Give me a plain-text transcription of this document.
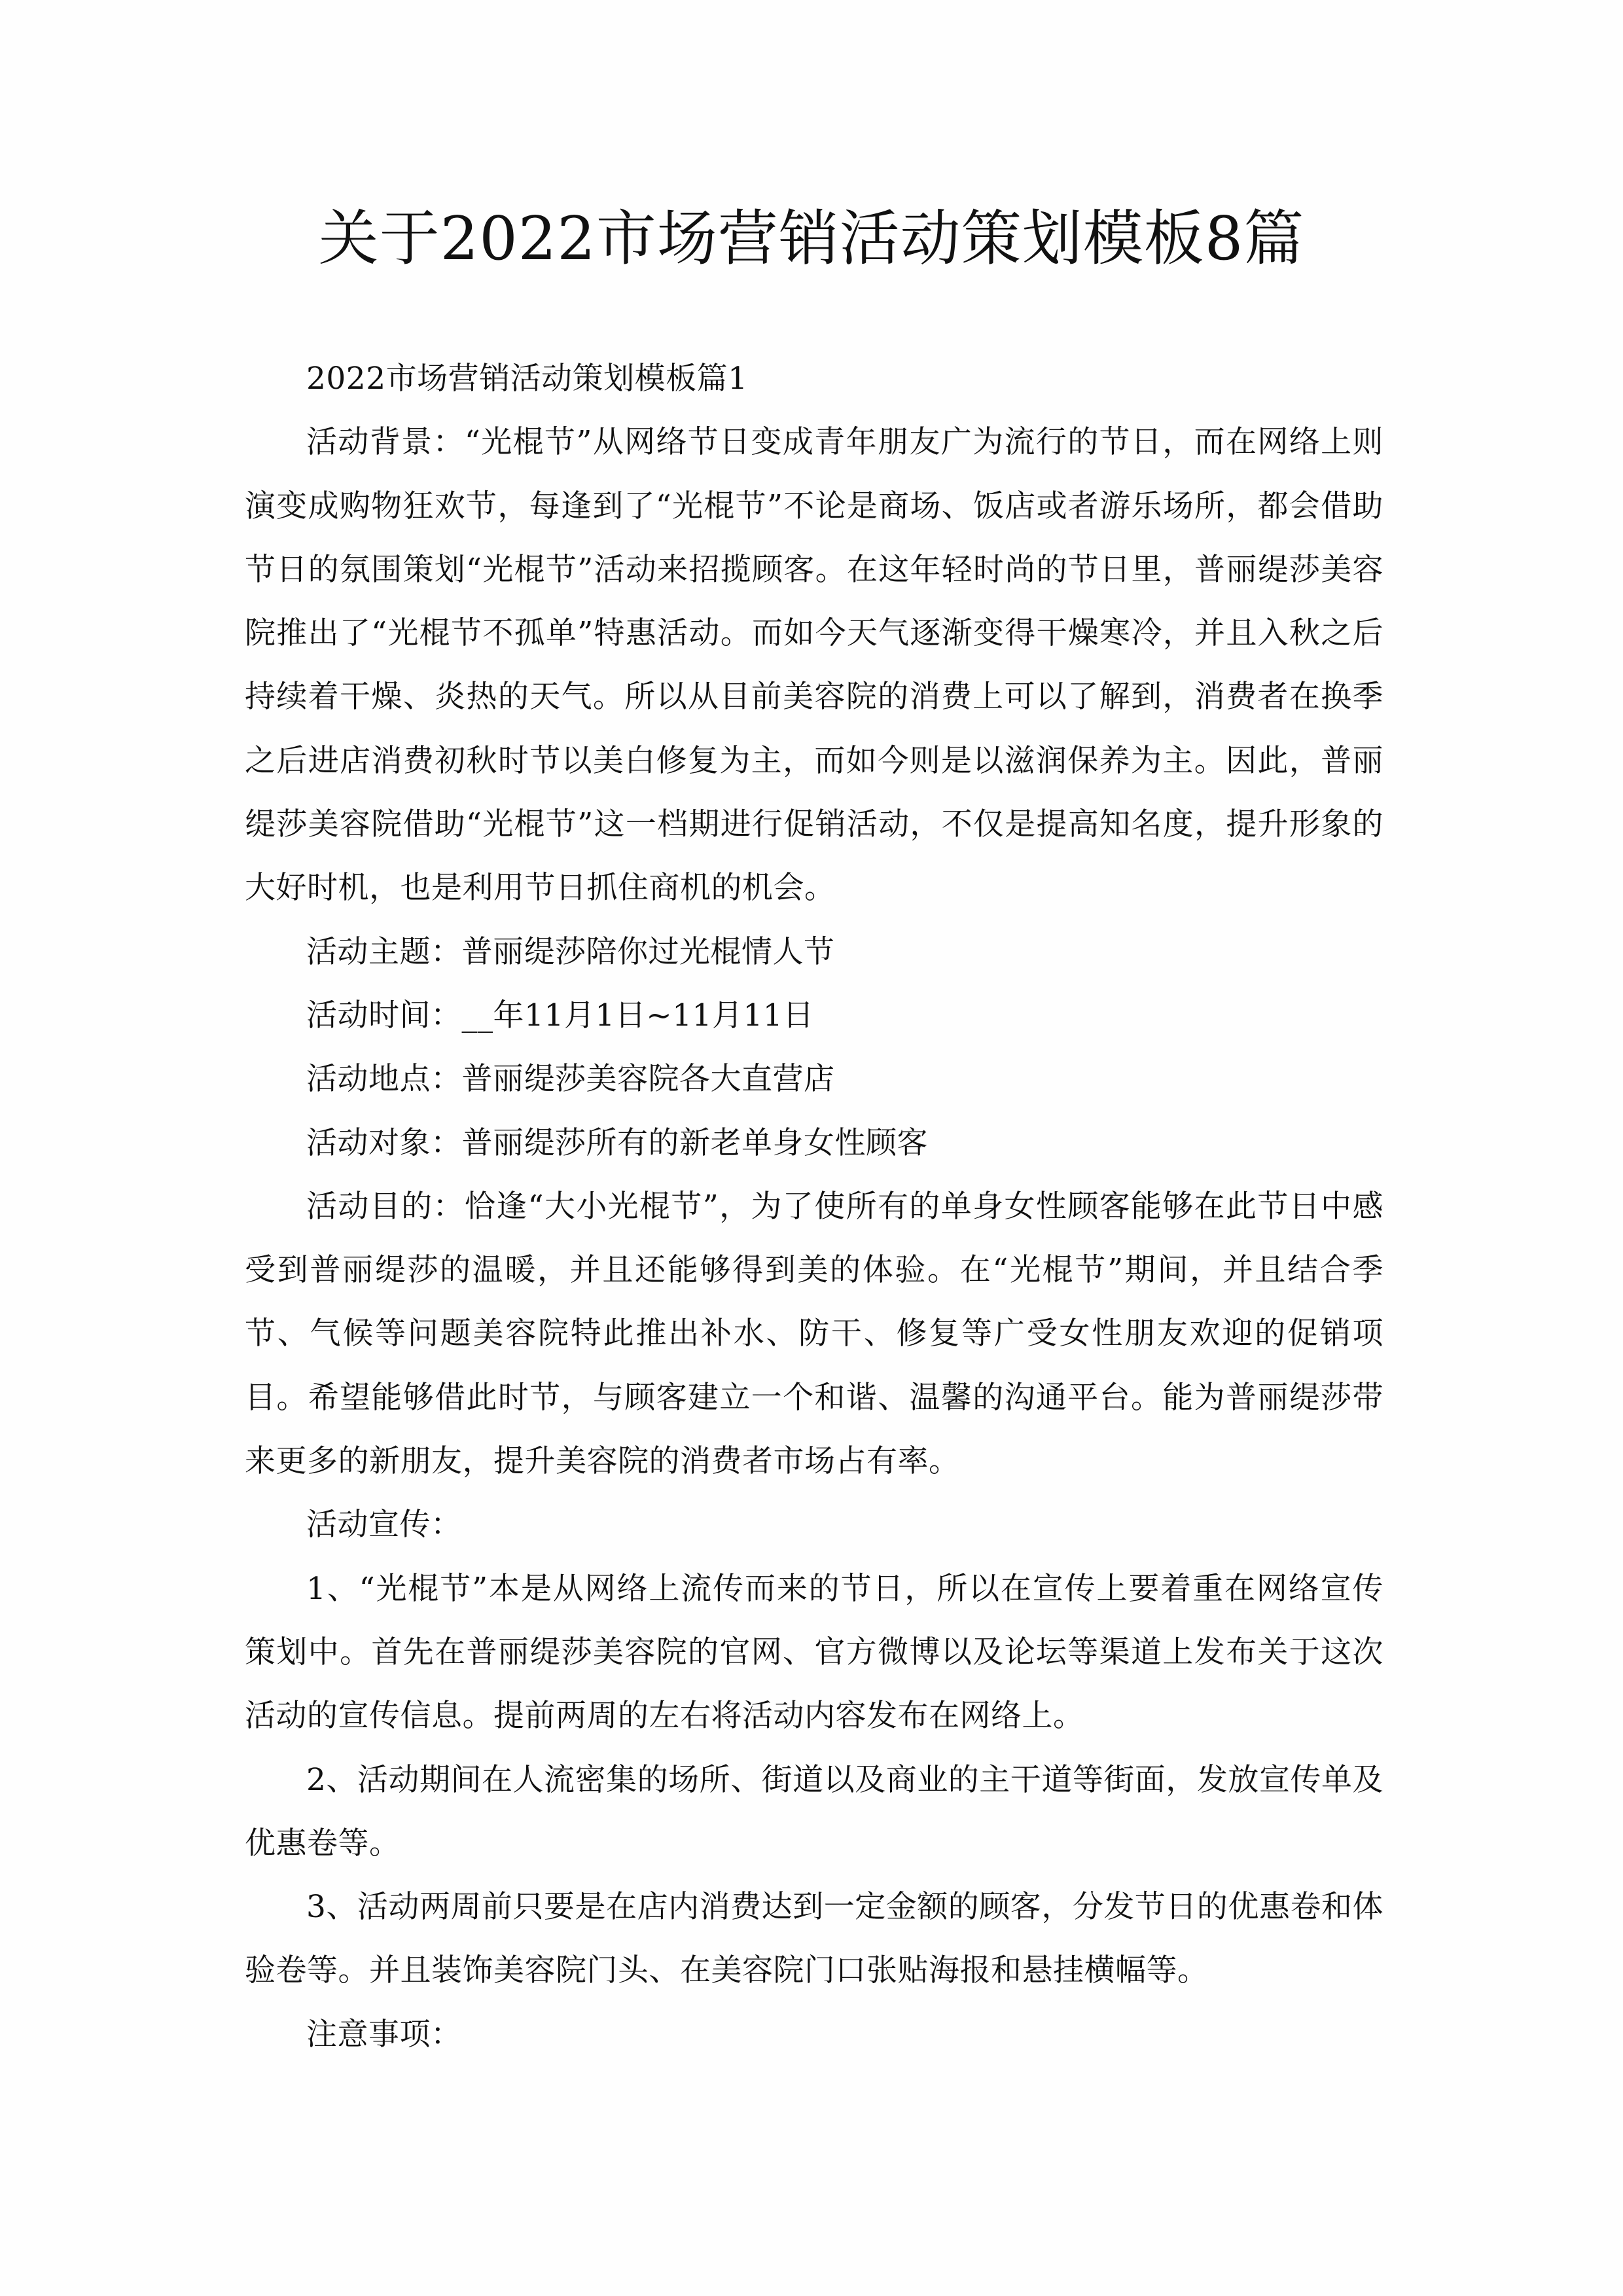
关于2022市场营销活动策划模板8篇

2022市场营销活动策划模板篇1

活动背景：“光棍节”从网络节日变成青年朋友广为流行的节日，而在网络上则演变成购物狂欢节，每逢到了“光棍节”不论是商场、饭店或者游乐场所，都会借助节日的氛围策划“光棍节”活动来招揽顾客。在这年轻时尚的节日里，普丽缇莎美容院推出了“光棍节不孤单”特惠活动。而如今天气逐渐变得干燥寒冷，并且入秋之后持续着干燥、炎热的天气。所以从目前美容院的消费上可以了解到，消费者在换季之后进店消费初秋时节以美白修复为主，而如今则是以滋润保养为主。因此，普丽缇莎美容院借助“光棍节”这一档期进行促销活动，不仅是提高知名度，提升形象的大好时机，也是利用节日抓住商机的机会。

活动主题：普丽缇莎陪你过光棍情人节

活动时间：__年11月1日~11月11日

活动地点：普丽缇莎美容院各大直营店

活动对象：普丽缇莎所有的新老单身女性顾客

活动目的：恰逢“大小光棍节”，为了使所有的单身女性顾客能够在此节日中感受到普丽缇莎的温暖，并且还能够得到美的体验。在“光棍节”期间，并且结合季节、气候等问题美容院特此推出补水、防干、修复等广受女性朋友欢迎的促销项目。希望能够借此时节，与顾客建立一个和谐、温馨的沟通平台。能为普丽缇莎带来更多的新朋友，提升美容院的消费者市场占有率。

活动宣传：

1、“光棍节”本是从网络上流传而来的节日，所以在宣传上要着重在网络宣传策划中。首先在普丽缇莎美容院的官网、官方微博以及论坛等渠道上发布关于这次活动的宣传信息。提前两周的左右将活动内容发布在网络上。

2、活动期间在人流密集的场所、街道以及商业的主干道等街面，发放宣传单及优惠卷等。

3、活动两周前只要是在店内消费达到一定金额的顾客，分发节日的优惠卷和体验卷等。并且装饰美容院门头、在美容院门口张贴海报和悬挂横幅等。

注意事项：
